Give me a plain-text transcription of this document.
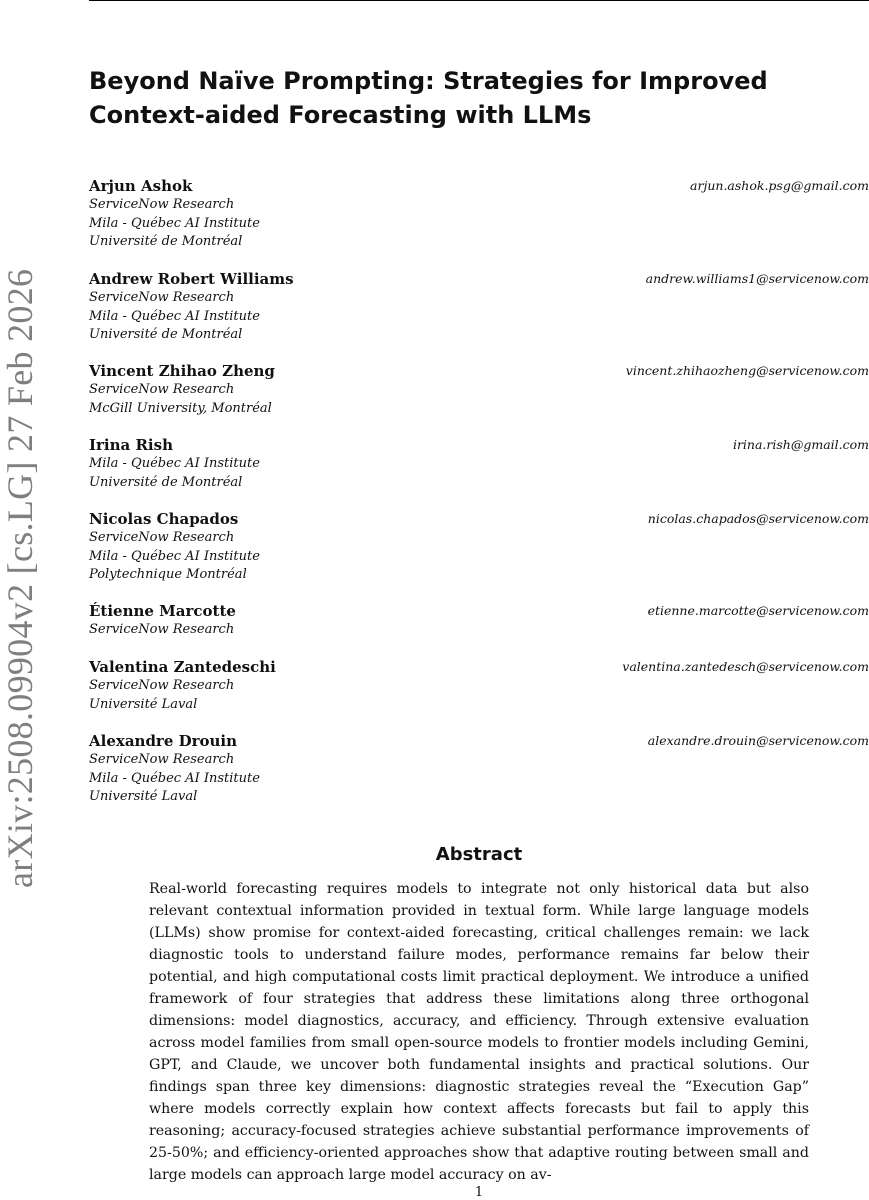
arXiv:2508.09904v2 [cs.LG] 27 Feb 2026
Beyond Naïve Prompting: Strategies for Improved Context-aided Forecasting with LLMs
Arjun Ashok	arjun.ashok.psg@gmail.com
ServiceNow Research
Mila - Québec AI Institute
Université de Montréal
Andrew Robert Williams	andrew.williams1@servicenow.com
ServiceNow Research
Mila - Québec AI Institute
Université de Montréal
Vincent Zhihao Zheng	vincent.zhihaozheng@servicenow.com
ServiceNow Research
McGill University, Montréal
Irina Rish	irina.rish@gmail.com
Mila - Québec AI Institute
Université de Montréal
Nicolas Chapados	nicolas.chapados@servicenow.com
ServiceNow Research
Mila - Québec AI Institute
Polytechnique Montréal
Étienne Marcotte	etienne.marcotte@servicenow.com
ServiceNow Research
Valentina Zantedeschi	valentina.zantedesch@servicenow.com
ServiceNow Research
Université Laval
Alexandre Drouin	alexandre.drouin@servicenow.com
ServiceNow Research
Mila - Québec AI Institute
Université Laval
Abstract

Real-world forecasting requires models to integrate not only historical data but also relevant contextual information provided in textual form. While large language models (LLMs) show promise for context-aided forecasting, critical challenges remain: we lack diagnostic tools to understand failure modes, performance remains far below their potential, and high computational costs limit practical deployment. We introduce a unified framework of four strategies that address these limitations along three orthogonal dimensions: model diagnostics, accuracy, and efficiency. Through extensive evaluation across model families from small open-source models to frontier models including Gemini, GPT, and Claude, we uncover both fundamental insights and practical solutions. Our findings span three key dimensions: diagnostic strategies reveal the “Execution Gap” where models correctly explain how context affects forecasts but fail to apply this reasoning; accuracy-focused strategies achieve substantial performance improvements of 25-50%; and efficiency-oriented approaches show that adaptive routing between small and large models can approach large model accuracy on av-

1
